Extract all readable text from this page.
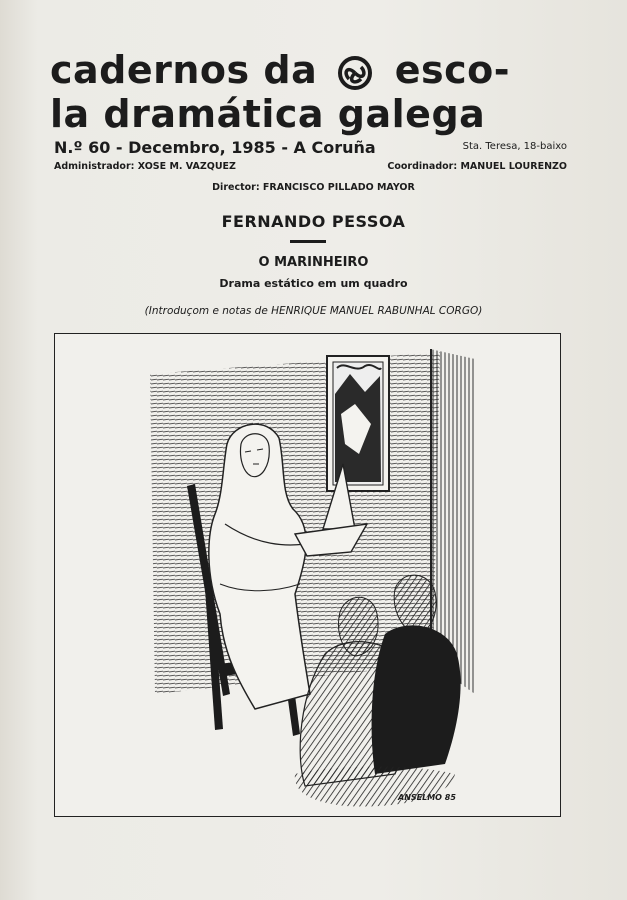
cadernos da esco-
la dramática galega
N.º 60 - Decembro, 1985 - A Coruña	Sta. Teresa, 18-baixo
Administrador: XOSE M. VAZQUEZ	Coordinador: MANUEL LOURENZO
Director: FRANCISCO PILLADO MAYOR
FERNANDO PESSOA
O MARINHEIRO
Drama estático em um quadro
(Introduçom e notas de HENRIQUE MANUEL RABUNHAL CORGO)
ANSELMO 85
